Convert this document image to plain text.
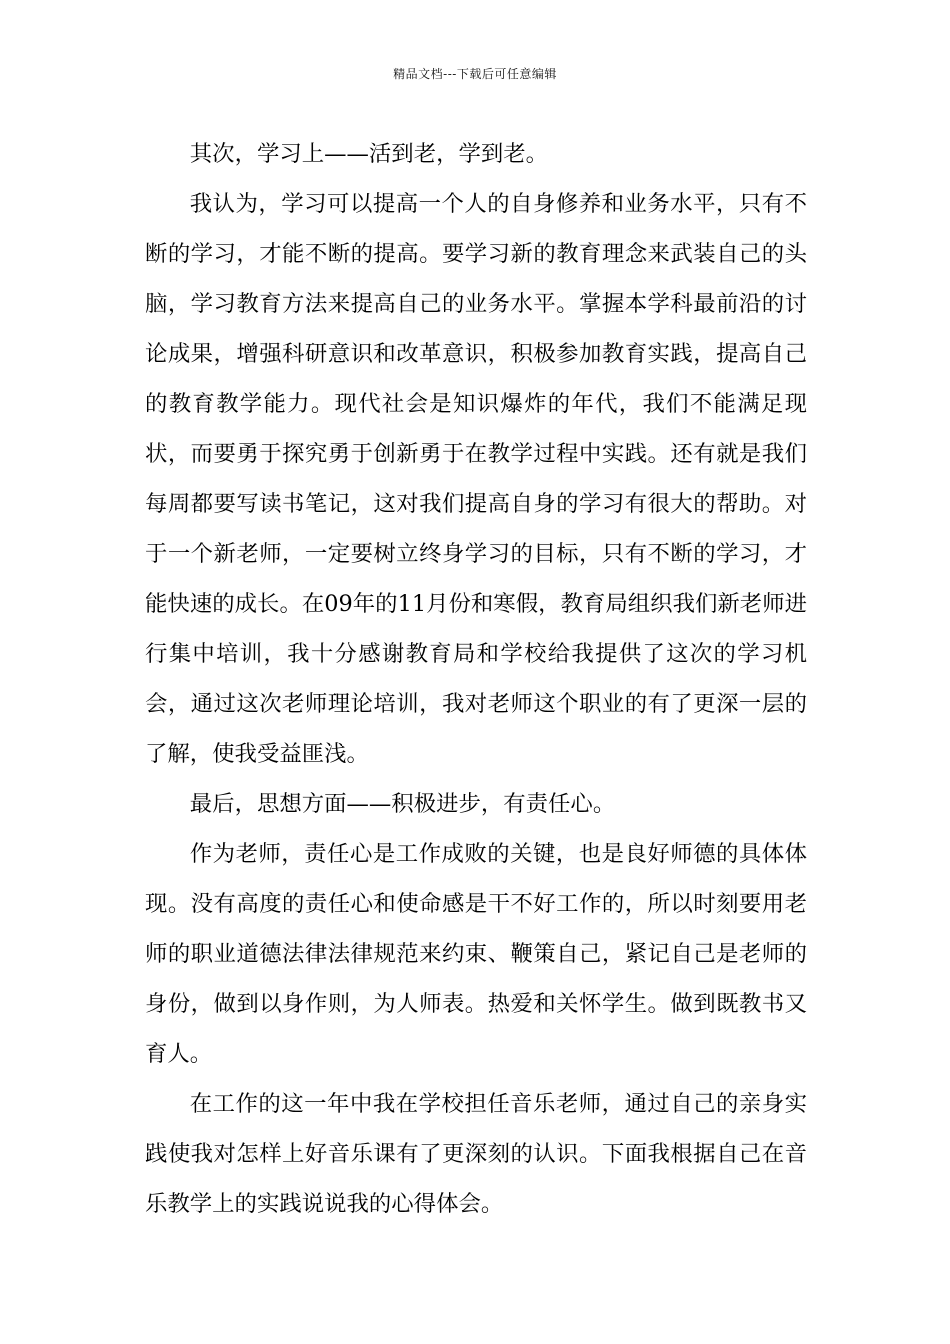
精品文档---下载后可任意编辑

其次，学习上——活到老，学到老。

我认为，学习可以提高一个人的自身修养和业务水平，只有不断的学习，才能不断的提高。要学习新的教育理念来武装自己的头脑，学习教育方法来提高自己的业务水平。掌握本学科最前沿的讨论成果，增强科研意识和改革意识，积极参加教育实践，提高自己的教育教学能力。现代社会是知识爆炸的年代，我们不能满足现状，而要勇于探究勇于创新勇于在教学过程中实践。还有就是我们每周都要写读书笔记，这对我们提高自身的学习有很大的帮助。对于一个新老师，一定要树立终身学习的目标，只有不断的学习，才能快速的成长。在09年的11月份和寒假，教育局组织我们新老师进行集中培训，我十分感谢教育局和学校给我提供了这次的学习机会，通过这次老师理论培训，我对老师这个职业的有了更深一层的了解，使我受益匪浅。

最后，思想方面——积极进步，有责任心。

作为老师，责任心是工作成败的关键，也是良好师德的具体体现。没有高度的责任心和使命感是干不好工作的，所以时刻要用老师的职业道德法律法律规范来约束、鞭策自己，紧记自己是老师的身份，做到以身作则，为人师表。热爱和关怀学生。做到既教书又育人。

在工作的这一年中我在学校担任音乐老师，通过自己的亲身实践使我对怎样上好音乐课有了更深刻的认识。下面我根据自己在音乐教学上的实践说说我的心得体会。
